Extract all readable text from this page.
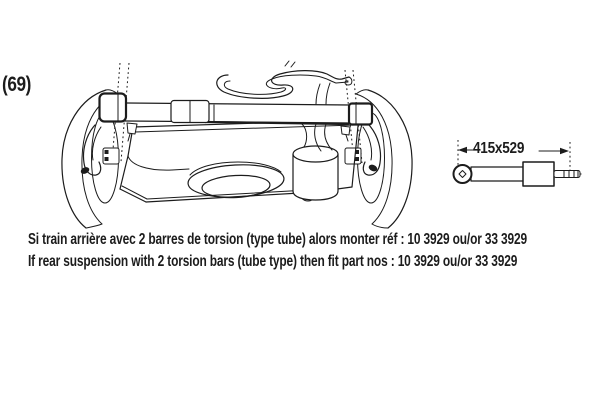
(69)
415x529
Si train arrière avec 2 barres de torsion (type tube) alors monter réf : 10 3929 ou/or 33 3929
If rear suspension with 2 torsion bars (tube type) then fit part nos : 10 3929 ou/or 33 3929
